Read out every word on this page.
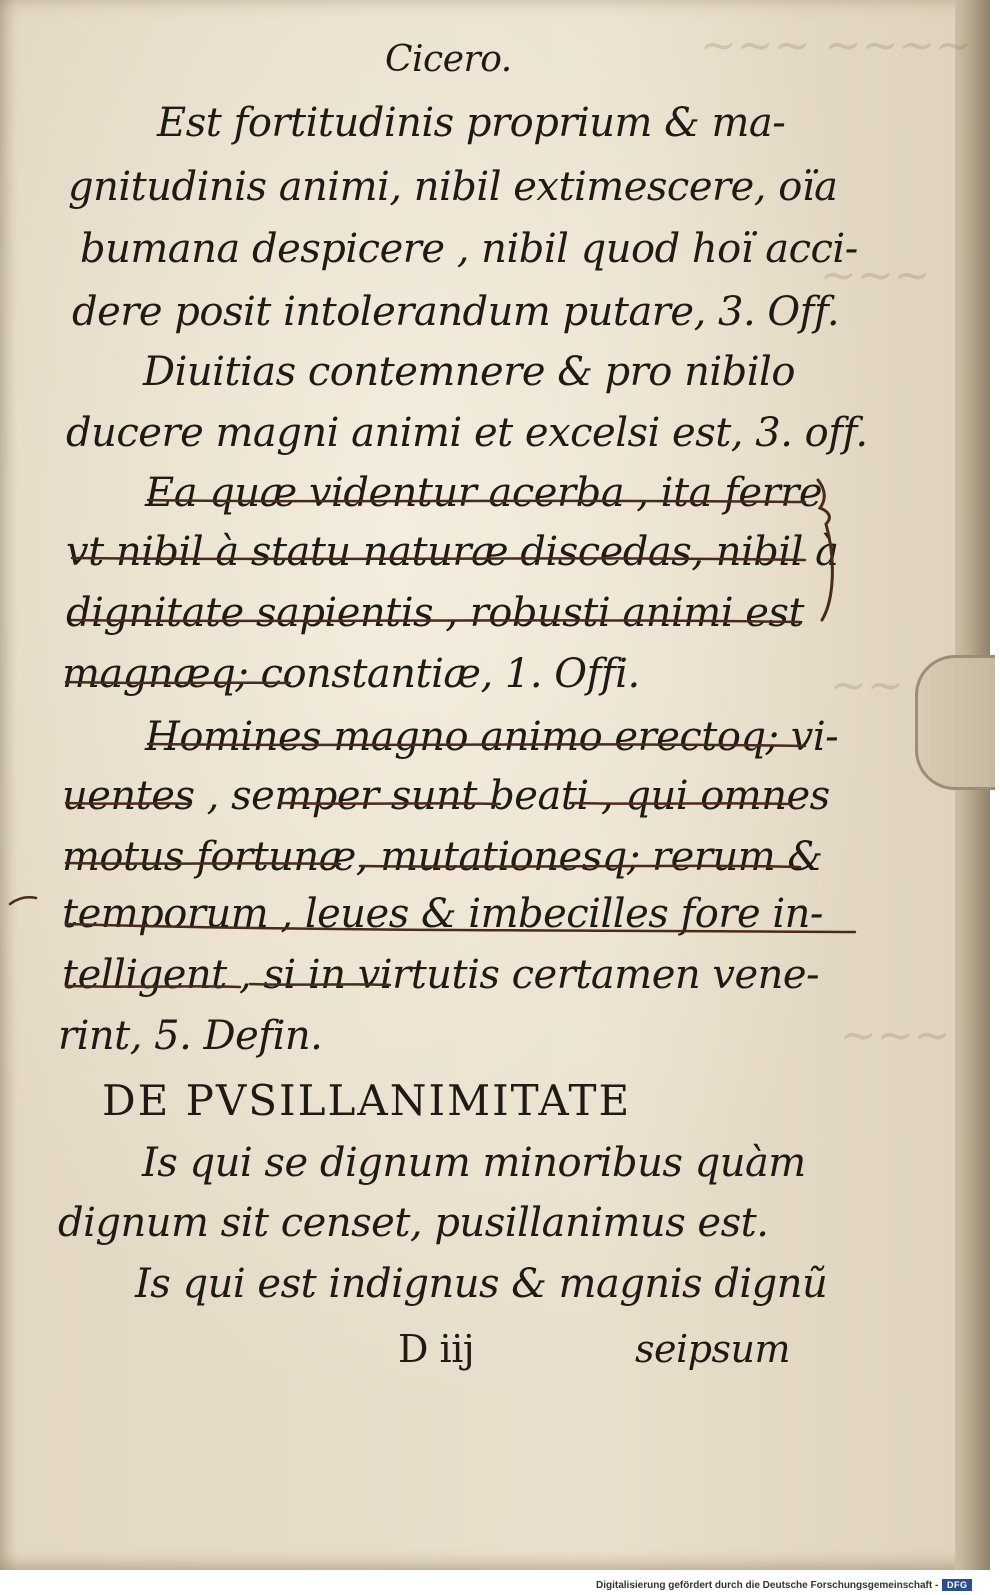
~~~ ~~~~
~~~
~~
~~~
Cicero.
Est fortitudinis proprium & ma-
gnitudinis animi, nibil extimescere, oïa
bumana despicere , nibil quod hoï acci-
dere posit intolerandum putare, 3. Off.
Diuitias contemnere & pro nibilo
ducere magni animi et excelsi est, 3. off.
Ea quæ videntur acerba , ita ferre
vt nibil à statu naturæ discedas, nibil à
dignitate sapientis , robusti animi est
magnæq; constantiæ, 1. Offi.
Homines magno animo erectoq; vi-
uentes , semper sunt beati , qui omnes
motus fortunæ, mutationesq; rerum &
temporum , leues & imbecilles fore in-
telligent , si in virtutis certamen vene-
rint, 5. Defin.
DE PVSILLANIMITATE
Is qui se dignum minoribus quàm
dignum sit censet, pusillanimus est.
Is qui est indignus & magnis dignũ
D iij	seipsum
Digitalisierung gefördert durch die Deutsche Forschungsgemeinschaft - DFG
